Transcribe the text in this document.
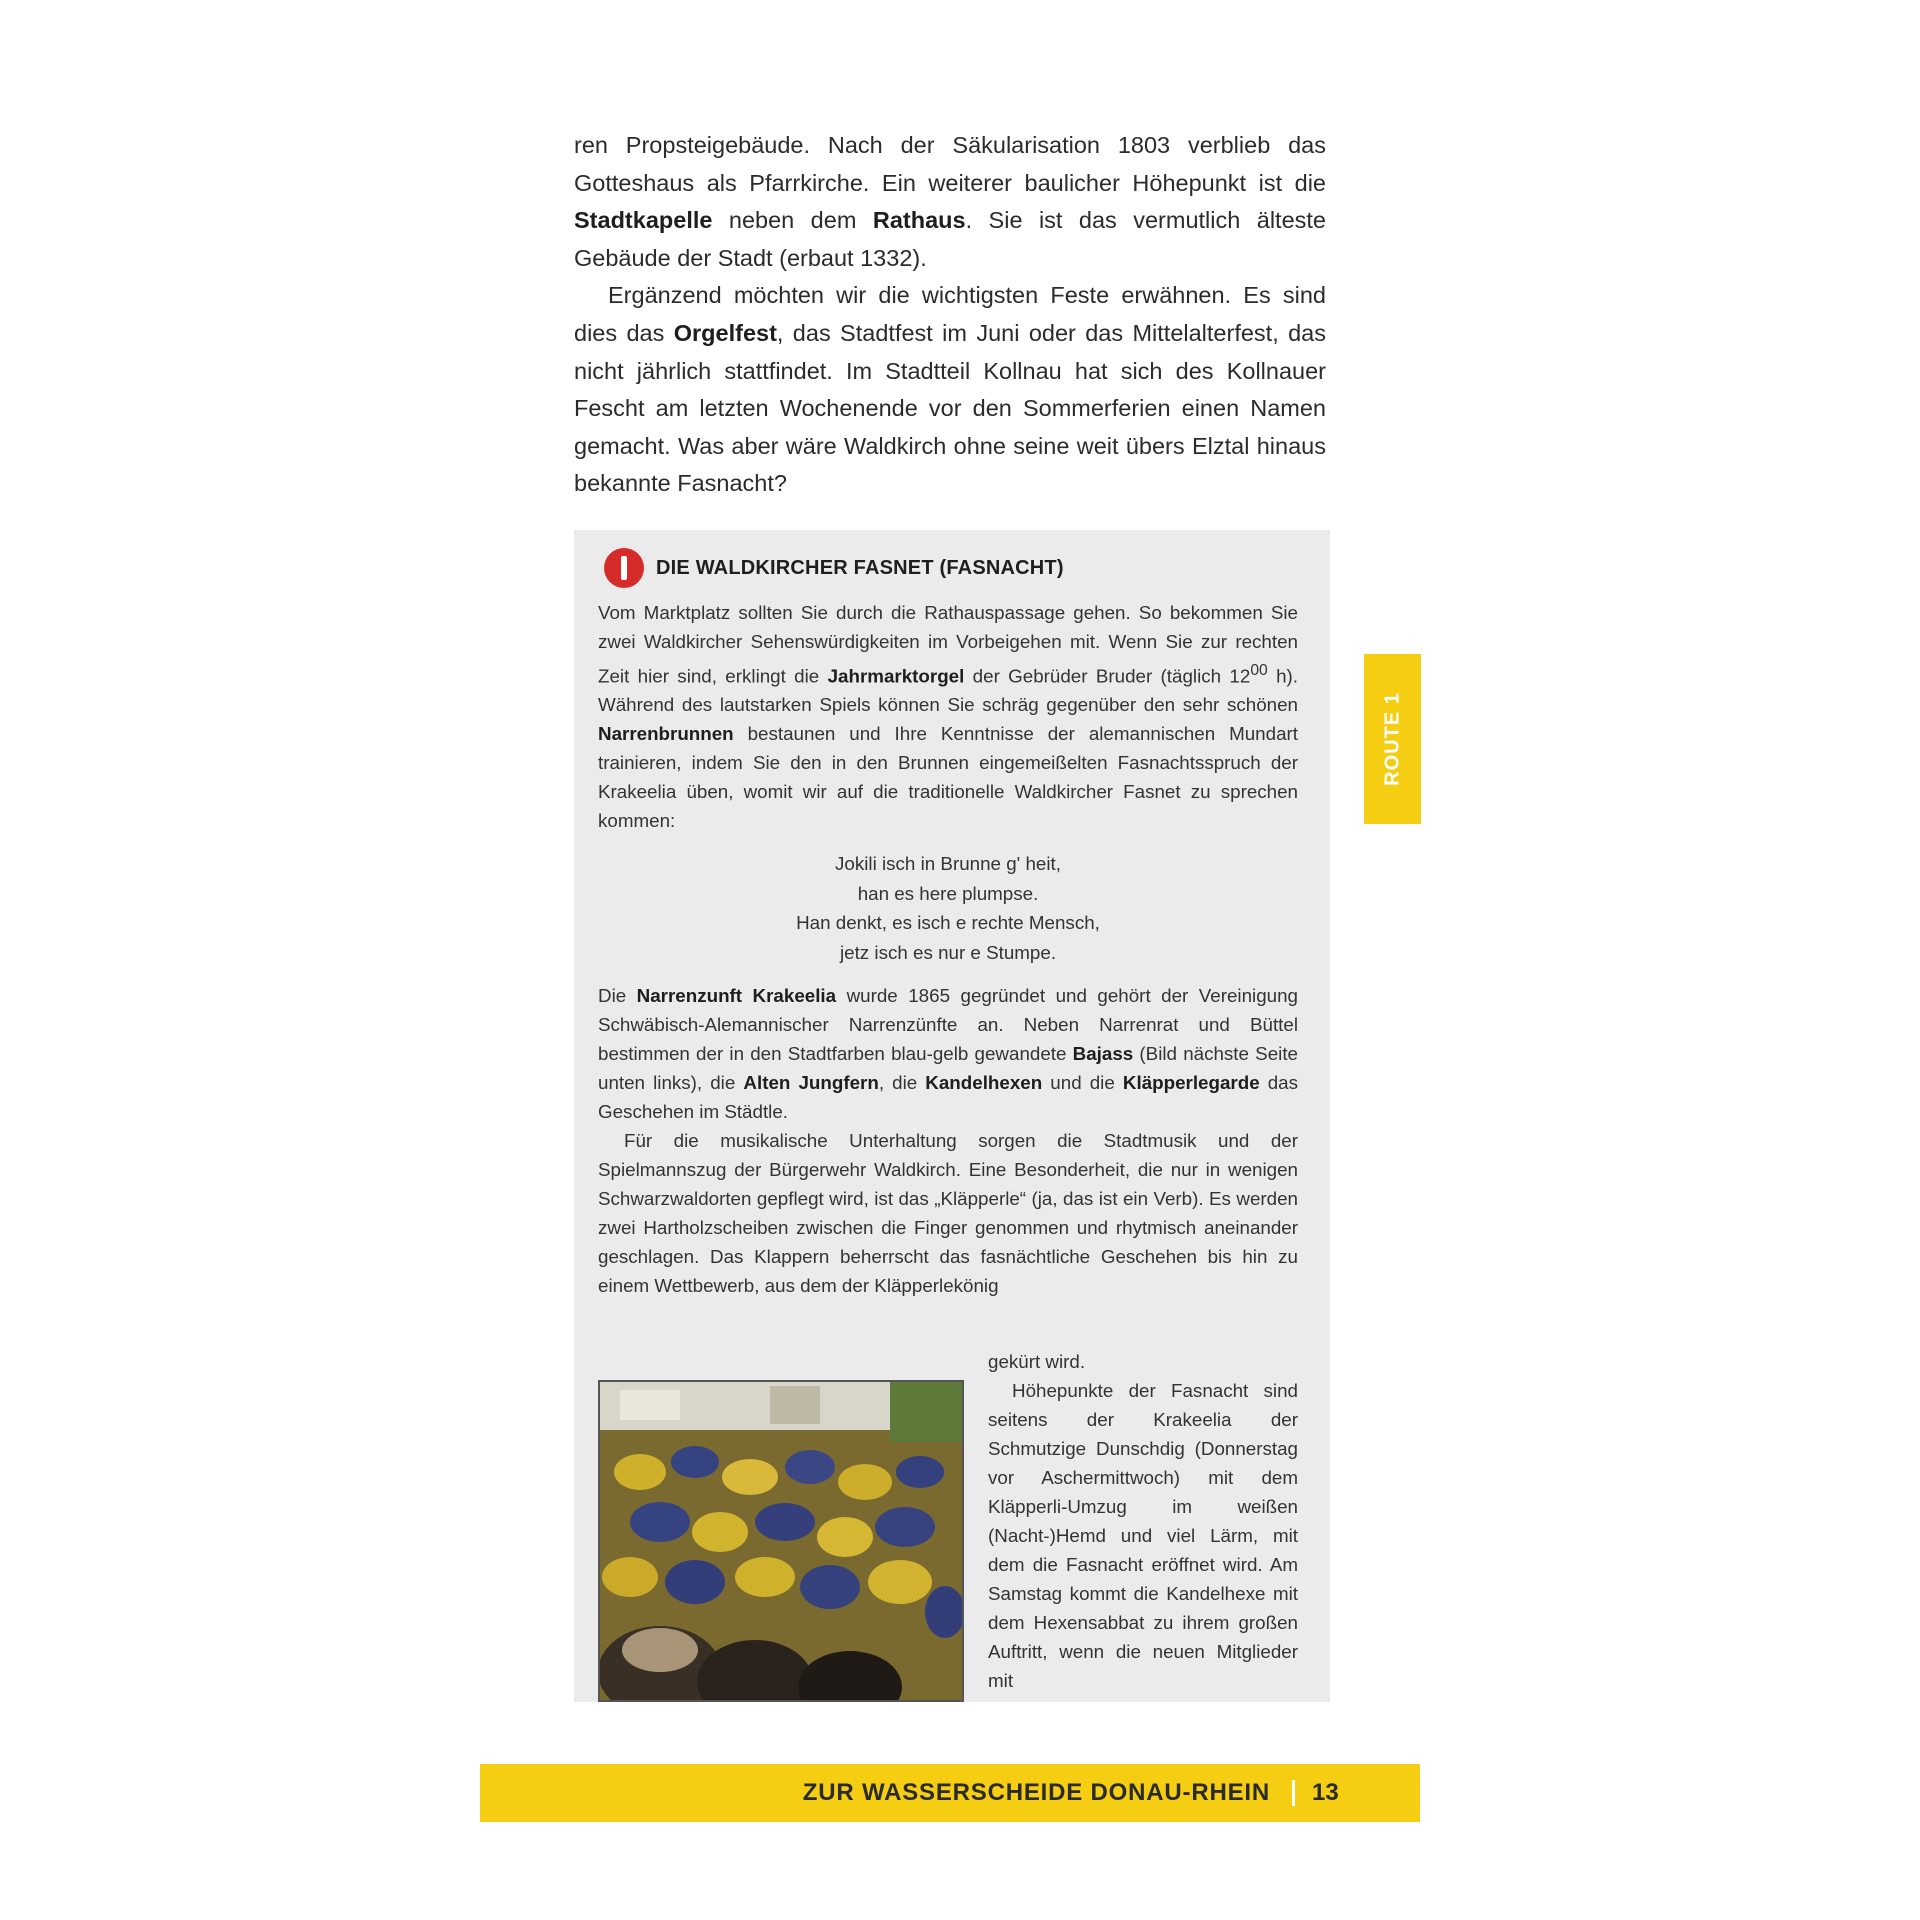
ren Propsteigebäude. Nach der Säkularisation 1803 verblieb das Gotteshaus als Pfarrkirche. Ein weiterer baulicher Höhepunkt ist die Stadtkapelle neben dem Rathaus. Sie ist das vermutlich älteste Gebäude der Stadt (erbaut 1332).

Ergänzend möchten wir die wichtigsten Feste erwähnen. Es sind dies das Orgelfest, das Stadtfest im Juni oder das Mittelalterfest, das nicht jährlich stattfindet. Im Stadtteil Kollnau hat sich des Kollnauer Fescht am letzten Wochenende vor den Sommerferien einen Namen gemacht. Was aber wäre Waldkirch ohne seine weit übers Elztal hinaus bekannte Fasnacht?

DIE WALDKIRCHER FASNET (FASNACHT)

Vom Marktplatz sollten Sie durch die Rathauspassage gehen. So bekommen Sie zwei Waldkircher Sehenswürdigkeiten im Vorbeigehen mit. Wenn Sie zur rechten Zeit hier sind, erklingt die Jahrmarktorgel der Gebrüder Bruder (täglich $12^{00}$ h). Während des lautstarken Spiels können Sie schräg gegenüber den sehr schönen Narrenbrunnen bestaunen und Ihre Kenntnisse der alemannischen Mundart trainieren, indem Sie den in den Brunnen eingemeißelten Fasnachtsspruch der Krakeelia üben, womit wir auf die traditionelle Waldkircher Fasnet zu sprechen kommen:

Jokili isch in Brunne g' heit,
han es here plumpse.
Han denkt, es isch e rechte Mensch,
jetz isch es nur e Stumpe.

Die Narrenzunft Krakeelia wurde 1865 gegründet und gehört der Vereinigung Schwäbisch-Alemannischer Narrenzünfte an. Neben Narrenrat und Büttel bestimmen der in den Stadtfarben blau-gelb gewandete Bajass (Bild nächste Seite unten links), die Alten Jungfern, die Kandelhexen und die Kläpperlegarde das Geschehen im Städtle.

Für die musikalische Unterhaltung sorgen die Stadtmusik und der Spielmannszug der Bürgerwehr Waldkirch. Eine Besonderheit, die nur in wenigen Schwarzwaldorten gepflegt wird, ist das „Kläpperle“ (ja, das ist ein Verb). Es werden zwei Hartholzscheiben zwischen die Finger genommen und rhytmisch aneinander geschlagen. Das Klappern beherrscht das fasnächtliche Geschehen bis hin zu einem Wettbewerb, aus dem der Kläpperlekönig

gekürt wird.

Höhepunkte der Fasnacht sind seitens der Krakeelia der Schmutzige Dunschdig (Donnerstag vor Aschermittwoch) mit dem Kläpperli-Umzug im weißen (Nacht-)Hemd und viel Lärm, mit dem die Fasnacht eröffnet wird. Am Samstag kommt die Kandelhexe mit dem Hexensabbat zu ihrem großen Auftritt, wenn die neuen Mitglieder mit

ROUTE 1
ZUR WASSERSCHEIDE DONAU-RHEIN 13
